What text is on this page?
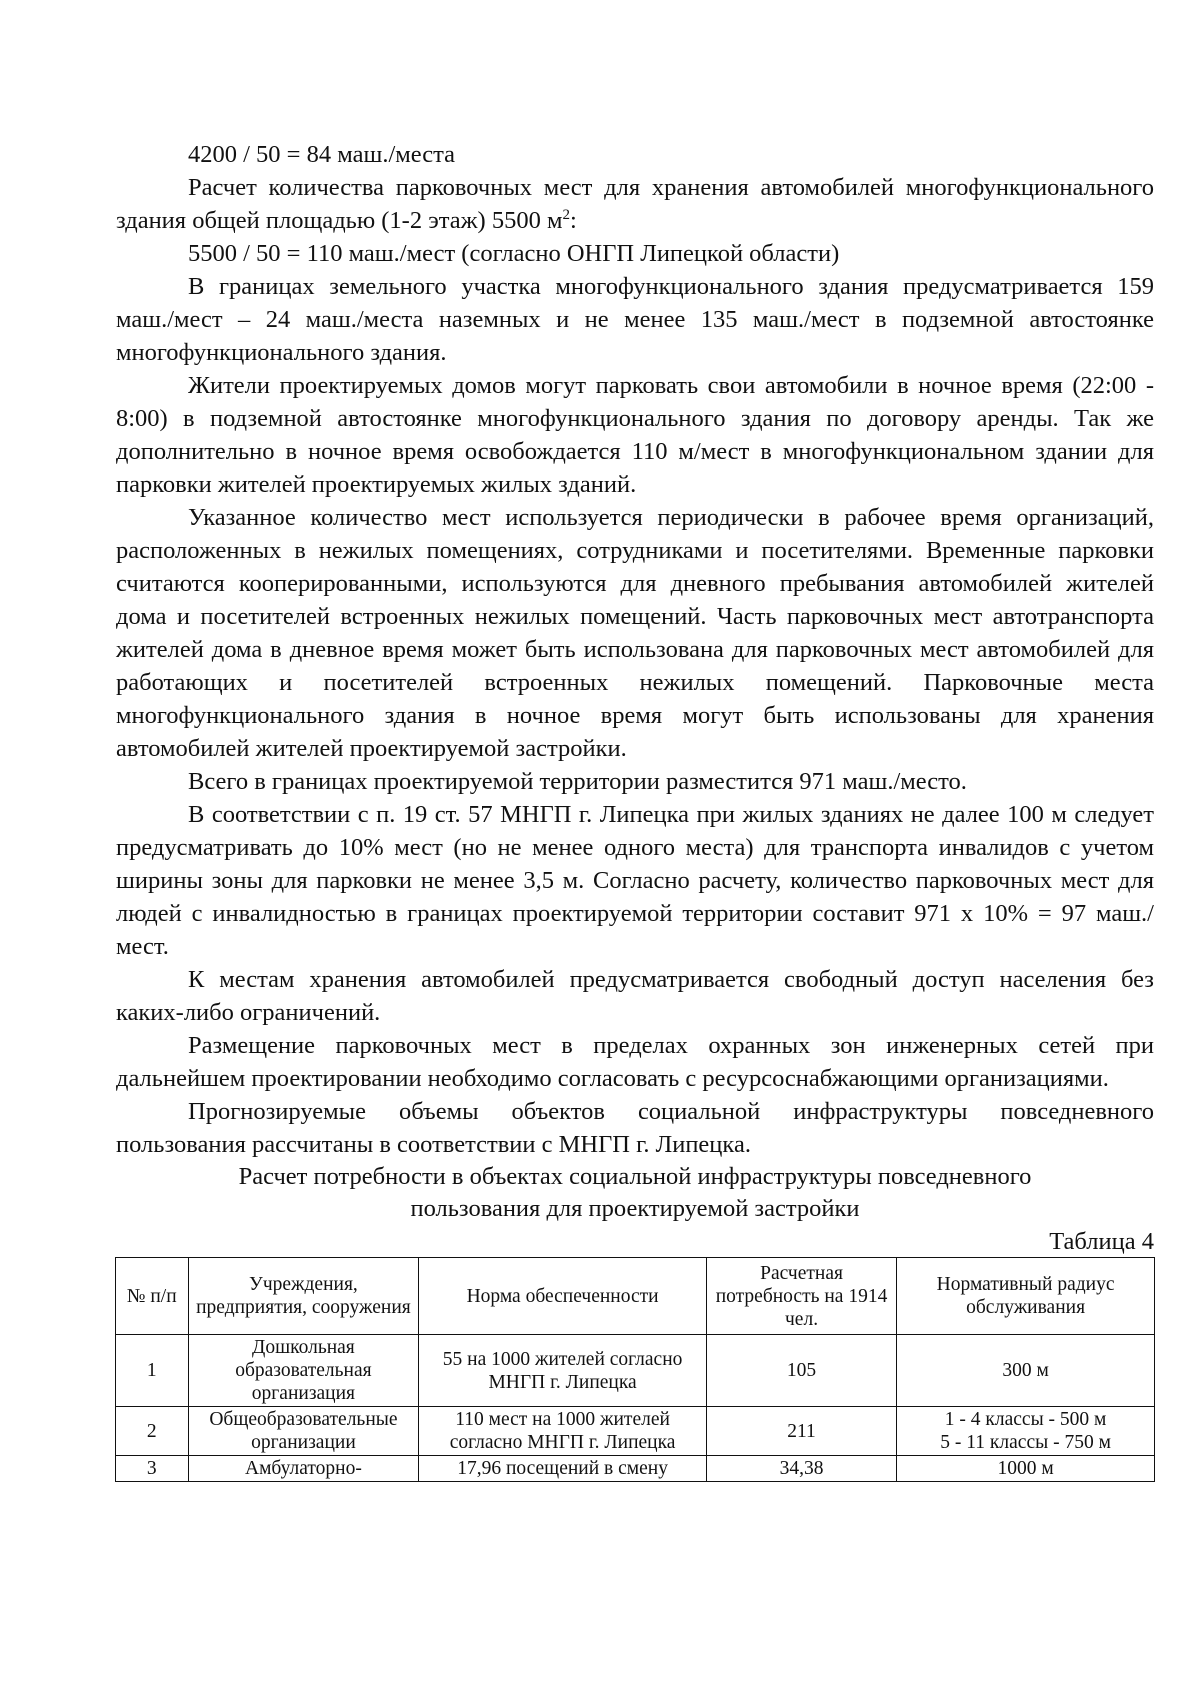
4200 / 50 = 84 маш./места

Расчет количества парковочных мест для хранения автомобилей многофункционального здания общей площадью (1-2 этаж) 5500 $м^2$:

5500 / 50 = 110 маш./мест (согласно ОНГП Липецкой области)

В границах земельного участка многофункционального здания предусматривается 159 маш./мест – 24 маш./места наземных и не менее 135 маш./мест в подземной автостоянке многофункционального здания.

Жители проектируемых домов могут парковать свои автомобили в ночное время (22:00 - 8:00) в подземной автостоянке многофункционального здания по договору аренды. Так же дополнительно в ночное время освобождается 110 м/мест в многофункциональном здании для парковки жителей проектируемых жилых зданий.

Указанное количество мест используется периодически в рабочее время организаций, расположенных в нежилых помещениях, сотрудниками и посетителями. Временные парковки считаются кооперированными, используются для дневного пребывания автомобилей жителей дома и посетителей встроенных нежилых помещений. Часть парковочных мест автотранспорта жителей дома в дневное время может быть использована для парковочных мест автомобилей для работающих и посетителей встроенных нежилых помещений. Парковочные места многофункционального здания в ночное время могут быть использованы для хранения автомобилей жителей проектируемой застройки.

Всего в границах проектируемой территории разместится 971 маш./место.

В соответствии с п. 19 ст. 57 МНГП г. Липецка при жилых зданиях не далее 100 м следует предусматривать до 10% мест (но не менее одного места) для транспорта инвалидов с учетом ширины зоны для парковки не менее 3,5 м. Согласно расчету, количество парковочных мест для людей с инвалидностью в границах проектируемой территории составит 971 х 10% = 97 маш./мест.

К местам хранения автомобилей предусматривается свободный доступ населения без каких-либо ограничений.

Размещение парковочных мест в пределах охранных зон инженерных сетей при дальнейшем проектировании необходимо согласовать с ресурсоснабжающими организациями.

Прогнозируемые объемы объектов социальной инфраструктуры повседневного пользования рассчитаны в соответствии с МНГП г. Липецка.

Расчет потребности в объектах социальной инфраструктуры повседневного

пользования для проектируемой застройки

Таблица 4
№ п/п	Учреждения, предприятия, сооружения	Норма обеспеченности	Расчетная потребность на 1914 чел.	Нормативный радиус обслуживания
1	Дошкольная образовательная организация	55 на 1000 жителей согласно МНГП г. Липецка	105	300 м
2	Общеобразовательные организации	110 мест на 1000 жителей согласно МНГП г. Липецка	211	1 - 4 классы - 500 м
5 - 11 классы - 750 м

3	Амбулаторно-	17,96 посещений в смену	34,38	1000 м
